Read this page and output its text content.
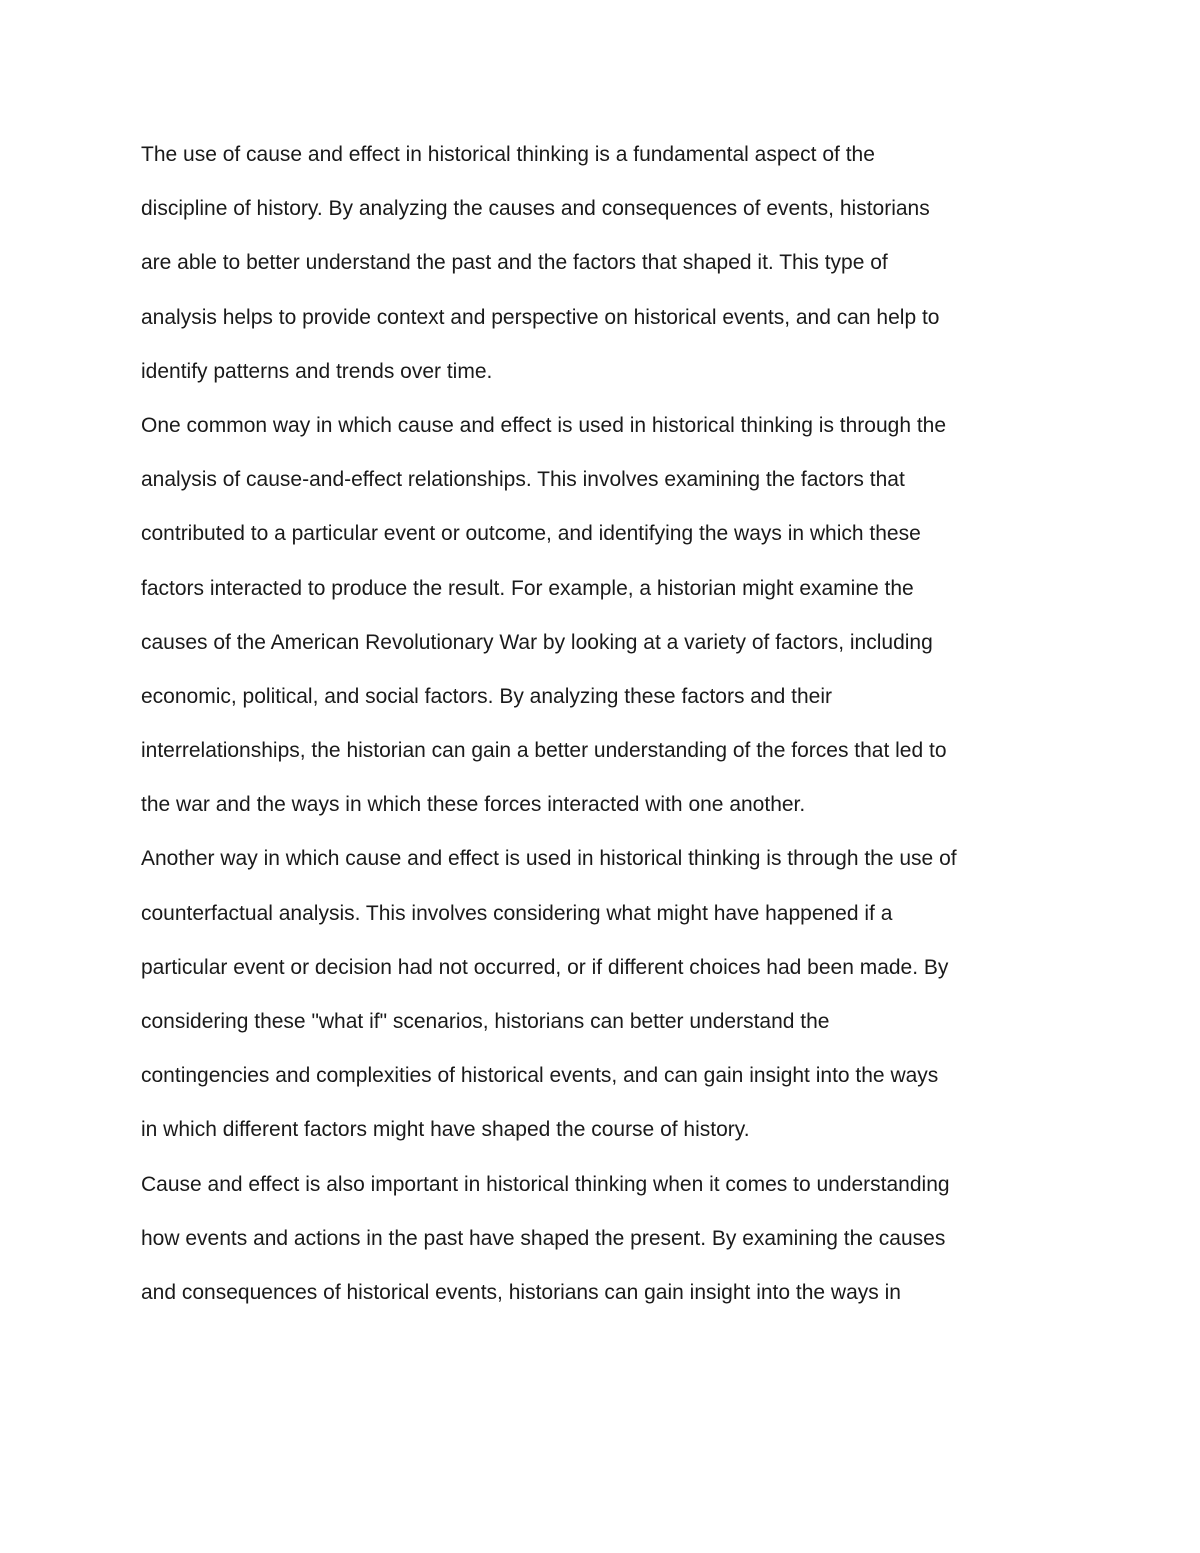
The use of cause and effect in historical thinking is a fundamental aspect of the
discipline of history. By analyzing the causes and consequences of events, historians
are able to better understand the past and the factors that shaped it. This type of
analysis helps to provide context and perspective on historical events, and can help to
identify patterns and trends over time.
One common way in which cause and effect is used in historical thinking is through the
analysis of cause-and-effect relationships. This involves examining the factors that
contributed to a particular event or outcome, and identifying the ways in which these
factors interacted to produce the result. For example, a historian might examine the
causes of the American Revolutionary War by looking at a variety of factors, including
economic, political, and social factors. By analyzing these factors and their
interrelationships, the historian can gain a better understanding of the forces that led to
the war and the ways in which these forces interacted with one another.
Another way in which cause and effect is used in historical thinking is through the use of
counterfactual analysis. This involves considering what might have happened if a
particular event or decision had not occurred, or if different choices had been made. By
considering these "what if" scenarios, historians can better understand the
contingencies and complexities of historical events, and can gain insight into the ways
in which different factors might have shaped the course of history.
Cause and effect is also important in historical thinking when it comes to understanding
how events and actions in the past have shaped the present. By examining the causes
and consequences of historical events, historians can gain insight into the ways in
